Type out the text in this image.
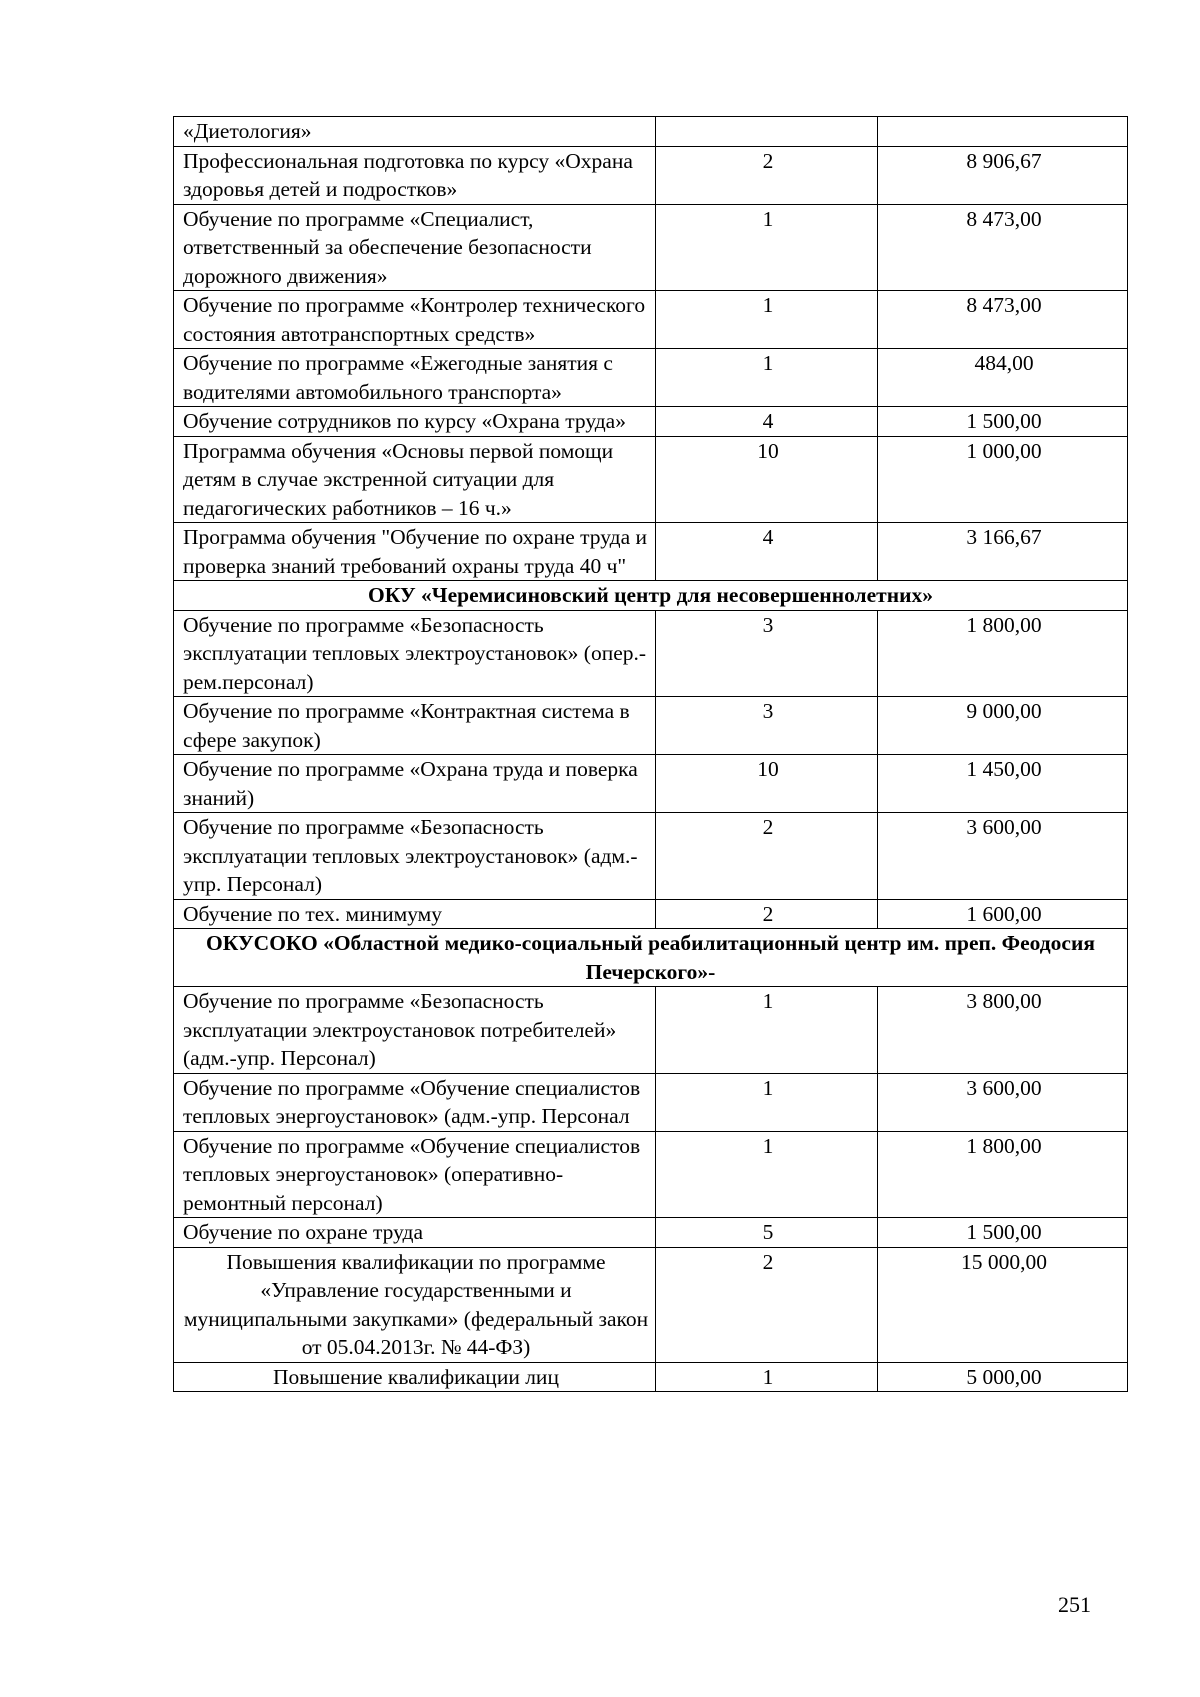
«Диетология»		
Профессиональная подготовка по курсу «Охрана здоровья детей и подростков»	2	8 906,67
Обучение по программе «Специалист, ответственный за обеспечение безопасности дорожного движения»	1	8 473,00
Обучение по программе «Контролер технического состояния автотранспортных средств»	1	8 473,00
Обучение по программе «Ежегодные занятия с водителями автомобильного транспорта»	1	484,00
Обучение сотрудников по курсу «Охрана труда»	4	1 500,00
Программа обучения «Основы первой помощи детям в случае экстренной ситуации для педагогических работников – 16 ч.»	10	1 000,00
Программа обучения "Обучение по охране труда и проверка знаний требований охраны труда 40 ч"	4	3 166,67
ОКУ «Черемисиновский центр для несовершеннолетних»		
Обучение по программе «Безопасность эксплуатации тепловых электроустановок» (опер.-рем.персонал)	3	1 800,00
Обучение по программе «Контрактная система в сфере закупок)	3	9 000,00
Обучение по программе «Охрана труда и поверка знаний)	10	1 450,00
Обучение по программе «Безопасность эксплуатации тепловых электроустановок» (адм.-упр. Персонал)	2	3 600,00
Обучение по тех. минимуму	2	1 600,00
ОКУСОКО «Областной медико-социальный реабилитационный центр им. преп. Феодосия Печерского»-		
Обучение по программе «Безопасность эксплуатации электроустановок потребителей» (адм.-упр. Персонал)	1	3 800,00
Обучение по программе «Обучение специалистов тепловых энергоустановок» (адм.-упр. Персонал	1	3 600,00
Обучение по программе «Обучение специалистов тепловых энергоустановок» (оперативно-ремонтный персонал)	1	1 800,00
Обучение по охране труда	5	1 500,00
Повышения квалификации по программе «Управление государственными и муниципальными закупками» (федеральный закон от 05.04.2013г. № 44-ФЗ)	2	15 000,00
Повышение квалификации лиц	1	5 000,00
251
